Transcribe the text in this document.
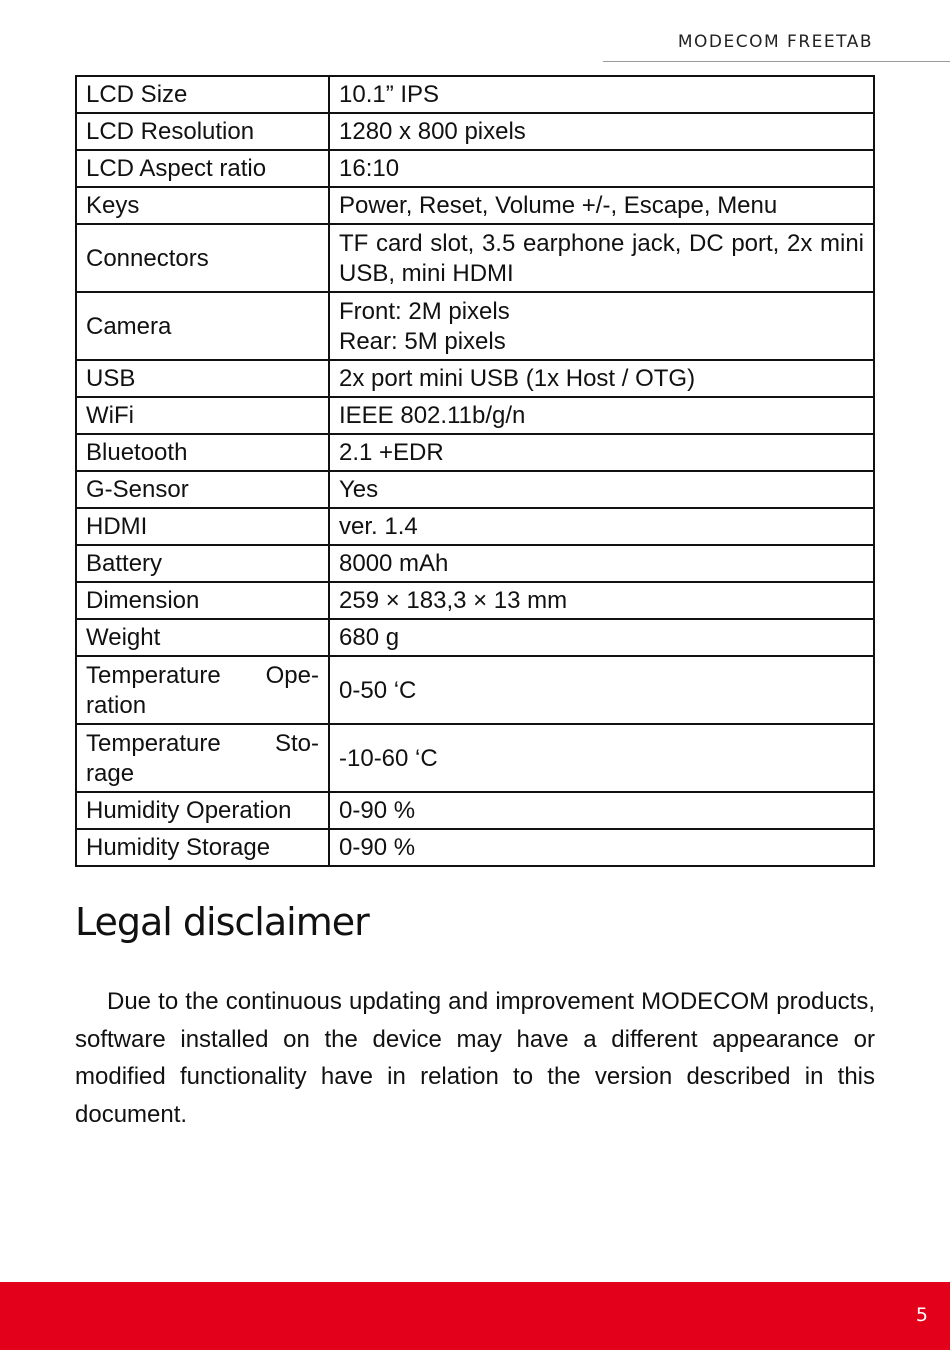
MODECOM FREETAB
LCD Size	10.1” IPS
LCD Resolution	1280 x 800 pixels
LCD Aspect ratio	16:10
Keys	Power, Reset, Volume +/-, Escape, Menu
Connectors	TF card slot, 3.5 earphone jack, DC port, 2x mini USB, mini HDMI
Camera	Front: 2M pixels
Rear: 5M pixels
USB	2x port mini USB (1x Host / OTG)
WiFi	IEEE 802.11b/g/n
Bluetooth	2.1 +EDR
G-Sensor	Yes
HDMI	ver. 1.4
Battery	8000 mAh
Dimension	259 × 183,3 × 13 mm
Weight	680 g
Temperature Ope-ration	0-50 ‘C
Temperature Sto-rage	-10-60 ‘C
Humidity Operation	0-90 %
Humidity Storage	0-90 %
Legal disclaimer

Due to the continuous updating and improvement MODECOM products, software installed on the device may have a different appearance or modified functionality have in relation to the version described in this document.

5
